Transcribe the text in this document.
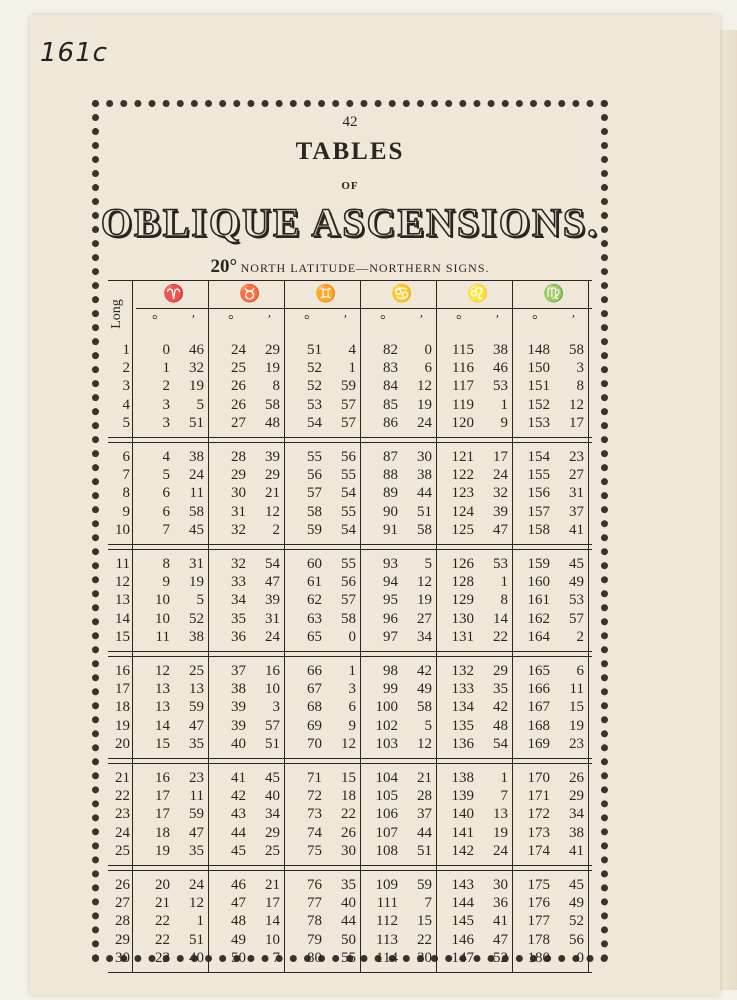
161c
42
TABLES
OF
OBLIQUE ASCENSIONS.
20° NORTH LATITUDE—NORTHERN SIGNS.
Long
♈
° ′
♉
° ′
♊
° ′
♋
° ′
♌
° ′
♍
° ′
1	0	46	24	29	51	4	82	0	115	38	148	58
2	1	32	25	19	52	1	83	6	116	46	150	3
3	2	19	26	8	52	59	84	12	117	53	151	8
4	3	5	26	58	53	57	85	19	119	1	152	12
5	3	51	27	48	54	57	86	24	120	9	153	17
6	4	38	28	39	55	56	87	30	121	17	154	23
7	5	24	29	29	56	55	88	38	122	24	155	27
8	6	11	30	21	57	54	89	44	123	32	156	31
9	6	58	31	12	58	55	90	51	124	39	157	37
10	7	45	32	2	59	54	91	58	125	47	158	41
11	8	31	32	54	60	55	93	5	126	53	159	45
12	9	19	33	47	61	56	94	12	128	1	160	49
13	10	5	34	39	62	57	95	19	129	8	161	53
14	10	52	35	31	63	58	96	27	130	14	162	57
15	11	38	36	24	65	0	97	34	131	22	164	2
16	12	25	37	16	66	1	98	42	132	29	165	6
17	13	13	38	10	67	3	99	49	133	35	166	11
18	13	59	39	3	68	6	100	58	134	42	167	15
19	14	47	39	57	69	9	102	5	135	48	168	19
20	15	35	40	51	70	12	103	12	136	54	169	23
21	16	23	41	45	71	15	104	21	138	1	170	26
22	17	11	42	40	72	18	105	28	139	7	171	29
23	17	59	43	34	73	22	106	37	140	13	172	34
24	18	47	44	29	74	26	107	44	141	19	173	38
25	19	35	45	25	75	30	108	51	142	24	174	41
26	20	24	46	21	76	35	109	59	143	30	175	45
27	21	12	47	17	77	40	111	7	144	36	176	49
28	22	1	48	14	78	44	112	15	145	41	177	52
29	22	51	49	10	79	50	113	22	146	47	178	56
30	23	40	50	7	80	55	114	30	147	52	180	0
